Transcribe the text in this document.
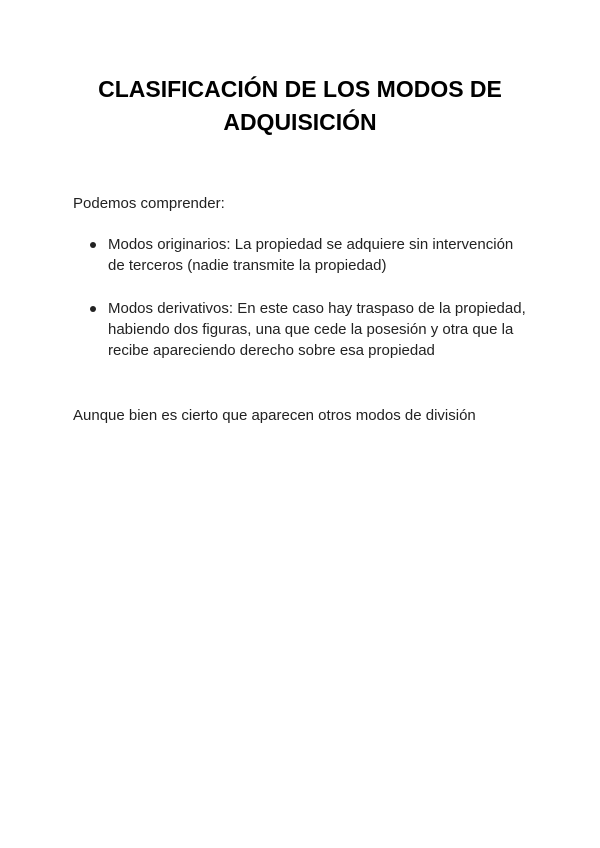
CLASIFICACIÓN DE LOS MODOS DE ADQUISICIÓN

Podemos comprender:

Modos originarios: La propiedad se adquiere sin intervención de terceros (nadie transmite la propiedad)
Modos derivativos: En este caso hay traspaso de la propiedad, habiendo dos figuras, una que cede la posesión y otra que la recibe apareciendo derecho sobre esa propiedad

Aunque bien es cierto que aparecen otros modos de división
